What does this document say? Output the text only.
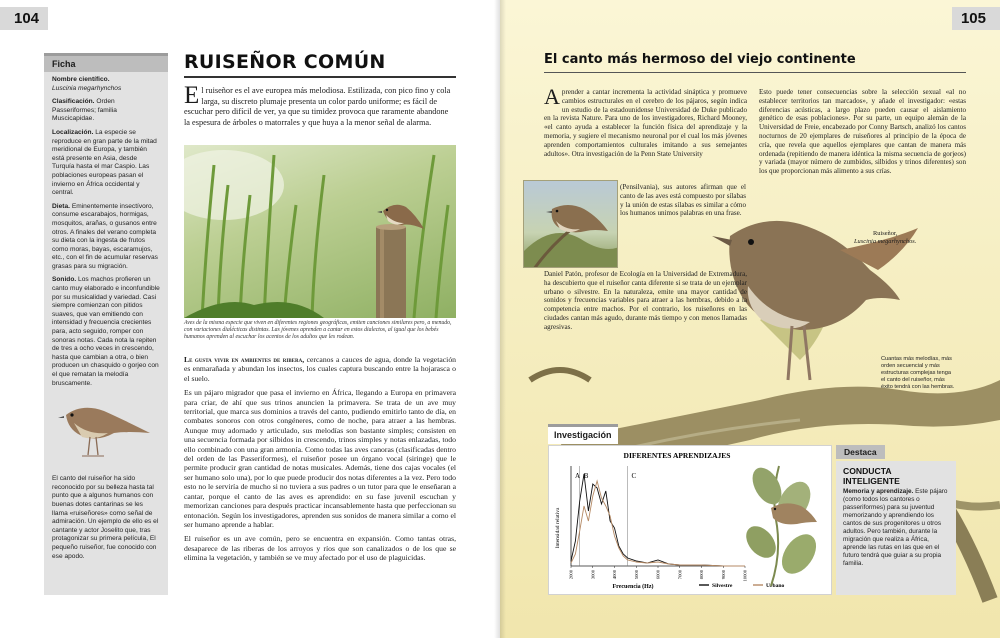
104
Ficha

Nombre científico.
Luscinia megarhynchos

Clasificación. Orden Passeriformes; familia Muscicapidae.

Localización. La especie se reproduce en gran parte de la mitad meridional de Europa, y también está presente en Asia, desde Turquía hasta el mar Caspio. Las poblaciones europeas pasan el invierno en África occidental y central.

Dieta. Eminentemente insectívoro, consume escarabajos, hormigas, mosquitos, arañas, o gusanos entre otros. A finales del verano completa su dieta con la ingesta de frutos como moras, bayas, escaramujos, etc., con el fin de acumular reservas grasas para su migración.

Sonido. Los machos profieren un canto muy elaborado e inconfundible por su musicalidad y variedad. Casi siempre comienzan con pitidos suaves, que van emitiendo con intensidad y frecuencia crecientes para, acto seguido, romper con sonoras notas. Cada nota la repiten de tres a ocho veces in crescendo, hasta que cambian a otra, o bien producen un chasquido o gorjeo con el que rematan la melodía bruscamente.

El canto del ruiseñor ha sido reconocido por su belleza hasta tal punto que a algunos humanos con buenas dotes cantarinas se les llama «ruiseñores» como señal de admiración. Un ejemplo de ello es el cantante y actor Joselito que, tras protagonizar su primera película, El pequeño ruiseñor, fue conocido con ese apodo.

RUISEÑOR COMÚN
El ruiseñor es el ave europea más melodiosa. Estilizada, con pico fino y cola larga, su discreto plumaje presenta un color pardo uniforme; es fácil de escuchar pero difícil de ver, ya que su timidez provoca que raramente abandone la espesura de árboles o matorrales y que huya a la menor señal de alarma.
Aves de la misma especie que viven en diferentes regiones geográficas, emiten canciones similares pero, a menudo, con variaciones dialécticas distintas. Las jóvenes aprenden a cantar en estos dialectos, al igual que los bebés humanos aprenden al escuchar los acentos de los adultos que les rodean.

Le gusta vivir en ambientes de ribera, cercanos a cauces de agua, donde la vegetación es enmarañada y abundan los insectos, los cuales captura buscando entre la hojarasca o el suelo.

Es un pájaro migrador que pasa el invierno en África, llegando a Europa en primavera para criar, de ahí que sus trinos anuncien la primavera. Se trata de un ave muy territorial, que marca sus dominios a través del canto, pudiendo emitirlo tanto de día, en combates sonoros con otros congéneres, como de noche, para atraer a las hembras. Aunque muy adornado y articulado, sus melodías son bastante simples; consisten en una secuencia formada por silbidos in crescendo, trinos simples y notas enlazadas, todo ello combinado con una gran armonía. Como todas las aves canoras (clasificadas dentro del orden de las Passeriformes), el ruiseñor posee un órgano vocal (siringe) que le permite producir gran cantidad de notas musicales. Además, tiene dos cajas vocales (el ser humano solo una), por lo que puede producir dos notas diferentes a la vez. Pero todo esto no le serviría de mucho si no tuviera a sus padres o un tutor para que le enseñaran a cantar, porque el canto de las aves es aprendido: en su fase juvenil escuchan y memorizan canciones para después practicar incansablemente hasta que perfeccionan su entonación. Según los investigadores, aprenden sus sonidos de manera similar a como el ser humano aprende a hablar.

El ruiseñor es un ave común, pero se encuentra en expansión. Como tantas otras, desaparece de las riberas de los arroyos y ríos que son canalizados o de los que se elimina la vegetación, y también se ve muy afectado por el uso de plaguicidas.

105
El canto más hermoso del viejo continente
Aprender a cantar incrementa la actividad sináptica y promueve cambios estructurales en el cerebro de los pájaros, según indica un estudio de la estadounidense Universidad de Duke publicado en la revista Nature. Para uno de los investigadores, Richard Mooney, «el canto ayuda a establecer la función física del aprendizaje y la memoria, y sugiere el mecanismo neuronal por el cual los más jóvenes aprenden comportamientos culturales imitando a sus semejantes adultos». Otra investigación de la Penn State University
(Pensilvania), sus autores afirman que el canto de las aves está compuesto por sílabas y la unión de estas sílabas es similar a cómo los humanos unimos palabras en una frase.
Daniel Patón, profesor de Ecología en la Universidad de Extremadura, ha descubierto que el ruiseñor canta diferente si se trata de un ejemplar urbano o silvestre. En la naturaleza, emite una mayor cantidad de sonidos y frecuencias variables para atraer a las hembras, debido a la competencia entre machos. Por el contrario, los ruiseñores en las ciudades cantan más agudo, durante más tiempo y con menos llamadas agresivas.
Esto puede tener consecuencias sobre la selección sexual «al no establecer territorios tan marcados», y añade el investigador: «estas diferencias acústicas, a largo plazo pueden causar el aislamiento genético de esas poblaciones». Por su parte, un equipo alemán de la Universidad de Freie, encabezado por Conny Bartsch, analizó los cantos nocturnos de 20 ejemplares de ruiseñores al principio de la época de cría, que revela que aquellos ejemplares que cantan de manera más ordenada (repitiendo de manera idéntica la misma secuencia de gorjeos) y variada (mayor número de zumbidos, silbidos y trinos diferentes) son los que proporcionan más alimento a sus crías.
Ruiseñor,
Luscinia megarhynchos.
Cuantas más melodías, más orden secuencial y más estructuras complejas tenga el canto del ruiseñor, más éxito tendrá con las hembras.
Investigación
DIFERENTES APRENDIZAJES
Intensidad relativa
Frecuencia (Hz)
A B	C
2000	3000	4000	5000	6000	7000	8000	9000	10000
Silvestre	Urbano
Destaca
CONDUCTA INTELIGENTE
Memoria y aprendizaje. Este pájaro (como todos los cantores o passeriformes) para su juventud memorizando y aprendiendo los cantos de sus progenitores u otros adultos. Pero también, durante la migración que realiza a África, aprende las rutas en las que en el futuro tendrá que guiar a su propia familia.
